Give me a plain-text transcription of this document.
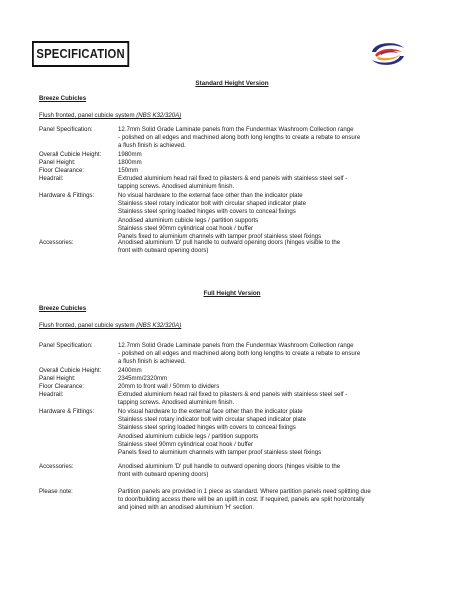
SPECIFICATION
Standard Height Version
Breeze Cubicles
Flush fronted, panel cubicle system (NBS K32/320A)
Panel Specification:	12.7mm Solid Grade Laminate panels from the Fundermax Washroom Collection range
- polished on all edges and machined along both long lengths to create a rebate to ensure
a flush finish is achieved.
Overall Cubicle Height:	1980mm
Panel Height:	1800mm
Floor Clearance:	150mm
Headrail:	Extruded aluminium head rail fixed to pilasters & end panels with stainless steel self -
tapping screws. Anodised aluminium finish.
Hardware & Fittings:	No visual hardware to the external face other than the indicator plate
Stainless steel rotary indicator bolt with circular shaped indicator plate
Stainless steel spring loaded hinges with covers to conceal fixings
Anodised aluminium cubicle legs / partition supports
Stainless steel 90mm cylindrical coat hook / buffer
Panels fixed to aluminium channels with tamper proof stainless steel fixings
Accessories:	Anodised aluminium 'D' pull handle to outward opening doors (hinges visible to the
front with outward opening doors)
Full Height Version
Breeze Cubicles
Flush fronted, panel cubicle system (NBS K32/320A)
Panel Specification:	12.7mm Solid Grade Laminate panels from the Fundermax Washroom Collection range
- polished on all edges and machined along both long lengths to create a rebate to ensure
a flush finish is achieved.
Overall Cubicle Height:	2400mm
Panel Height:	2345mm/2320mm
Floor Clearance:	20mm to front wall / 50mm to dividers
Headrail:	Extruded aluminium head rail fixed to pilasters & end panels with stainless steel self -
tapping screws. Anodised aluminium finish.
Hardware & Fittings:	No visual hardware to the external face other than the indicator plate
Stainless steel rotary indicator bolt with circular shaped indicator plate
Stainless steel spring loaded hinges with covers to conceal fixings
Anodised aluminium cubicle legs / partition supports
Stainless steel 90mm cylindrical coat hook / buffer
Panels fixed to aluminium channels with tamper proof stainless steel fixings
Accessories:	Anodised aluminium 'D' pull handle to outward opening doors (hinges visible to the
front with outward opening doors)
Please note:	Partition panels are provided in 1 piece as standard. Where partition panels need splitting due
to door/building access there will be an uplift in cost. If required, panels are split horizontally
and joined with an anodised aluminium 'H' section.
